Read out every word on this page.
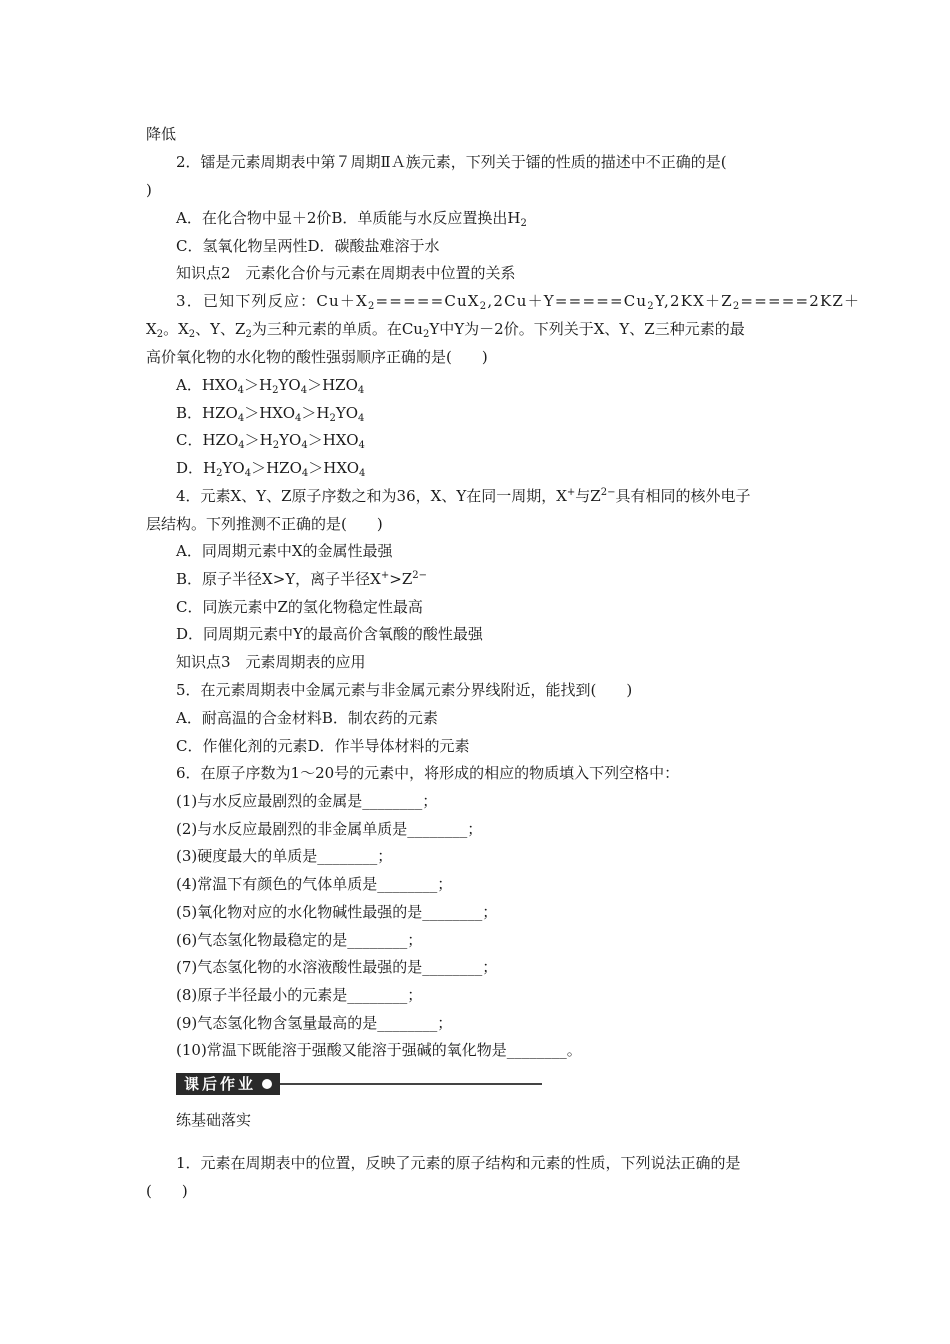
降低
2．镭是元素周期表中第７周期ⅡＡ族元素，下列关于镭的性质的描述中不正确的是(
)
A．在化合物中显＋2价B．单质能与水反应置换出$H_2$
C．氢氧化物呈两性D．碳酸盐难溶于水
知识点2　元素化合价与元素在周期表中位置的关系
3．已知下列反应：$Cu+X_2=====CuX_2,2Cu+Y=====Cu_2Y,2KX+Z_2=====2KZ+$
$X_2$。$X_2$、Y、$Z_2$为三种元素的单质。在$Cu_2Y$中Y为－2价。下列关于X、Y、Z三种元素的最
高价氧化物的水化物的酸性强弱顺序正确的是(　　)
A．$HXO_4>H_2YO_4>HZO_4$
B．$HZO_4>HXO_4>H_2YO_4$
C．$HZO_4>H_2YO_4>HXO_4$
D．$H_2YO_4>HZO_4>HXO_4$
4．元素X、Y、Z原子序数之和为36，X、Y在同一周期，X+与$Z^{2-}$具有相同的核外电子
层结构。下列推测不正确的是(　　)
A．同周期元素中X的金属性最强
B．原子半径X>Y，离子半径$X^+>Z^{2-}$
C．同族元素中Z的氢化物稳定性最高
D．同周期元素中Y的最高价含氧酸的酸性最强
知识点3　元素周期表的应用
5．在元素周期表中金属元素与非金属元素分界线附近，能找到(　　)
A．耐高温的合金材料B．制农药的元素
C．作催化剂的元素D．作半导体材料的元素
6．在原子序数为1～20号的元素中，将形成的相应的物质填入下列空格中：
(1)与水反应最剧烈的金属是________；
(2)与水反应最剧烈的非金属单质是________；
(3)硬度最大的单质是________；
(4)常温下有颜色的气体单质是________；
(5)氧化物对应的水化物碱性最强的是________；
(6)气态氢化物最稳定的是________；
(7)气态氢化物的水溶液酸性最强的是________；
(8)原子半径最小的元素是________；
(9)气态氢化物含氢量最高的是________；
(10)常温下既能溶于强酸又能溶于强碱的氧化物是________。
课后作业
练基础落实
1．元素在周期表中的位置，反映了元素的原子结构和元素的性质，下列说法正确的是
(　　)
